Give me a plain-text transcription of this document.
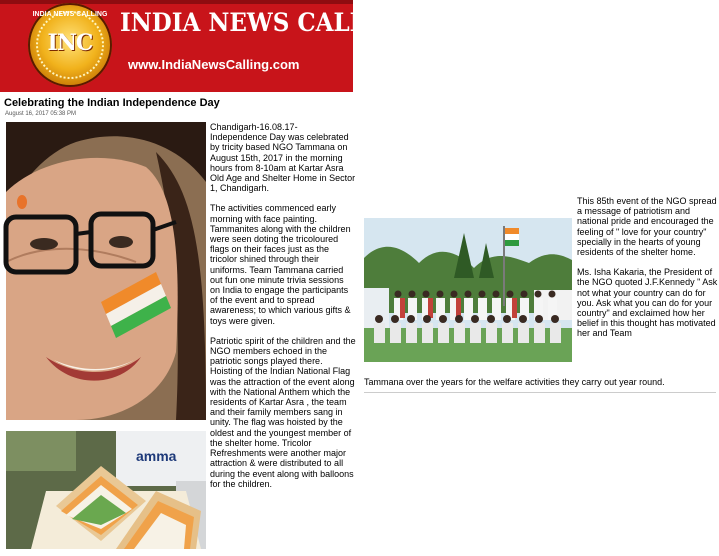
INDIA NEWS CALLING
INC
INDIA NEWS CALLING
www.IndiaNewsCalling.com
Celebrating the Indian Independence Day
August 16, 2017 05:38 PM
amma

Chandigarh-16.08.17- Independence Day was celebrated by tricity based NGO Tammana on August 15th, 2017 in the morning hours from 8-10am at Kartar Asra Old Age and Shelter Home in Sector 1, Chandigarh.

The activities commenced early morning with face painting. Tammanites along with the children were seen doting the tricoloured flags on their faces just as the tricolor shined through their uniforms. Team Tammana carried out fun one minute trivia sessions on India to engage the participants of the event and to spread awareness; to which various gifts & toys were given.

Patriotic spirit of the children and the NGO members echoed in the patriotic songs played there. Hoisting of the Indian National Flag was the attraction of the event along with the National Anthem which the residents of Kartar Asra , the team and their family members sang in unity. The flag was hoisted by the oldest and the youngest member of the shelter home. Tricolor Refreshments were another major attraction & were distributed to all during the event along with balloons for the children.

This 85th event of the NGO spread a message of patriotism and national pride and encouraged the feeling of " love for your country" specially in the hearts of young residents of the shelter home.

Ms. Isha Kakaria, the President of the NGO quoted J.F.Kennedy " Ask not what your country can do for you. Ask what you can do for your country" and exclaimed how her belief in this thought has motivated her and Team

Tammana over the years for the welfare activities they carry out year round.
